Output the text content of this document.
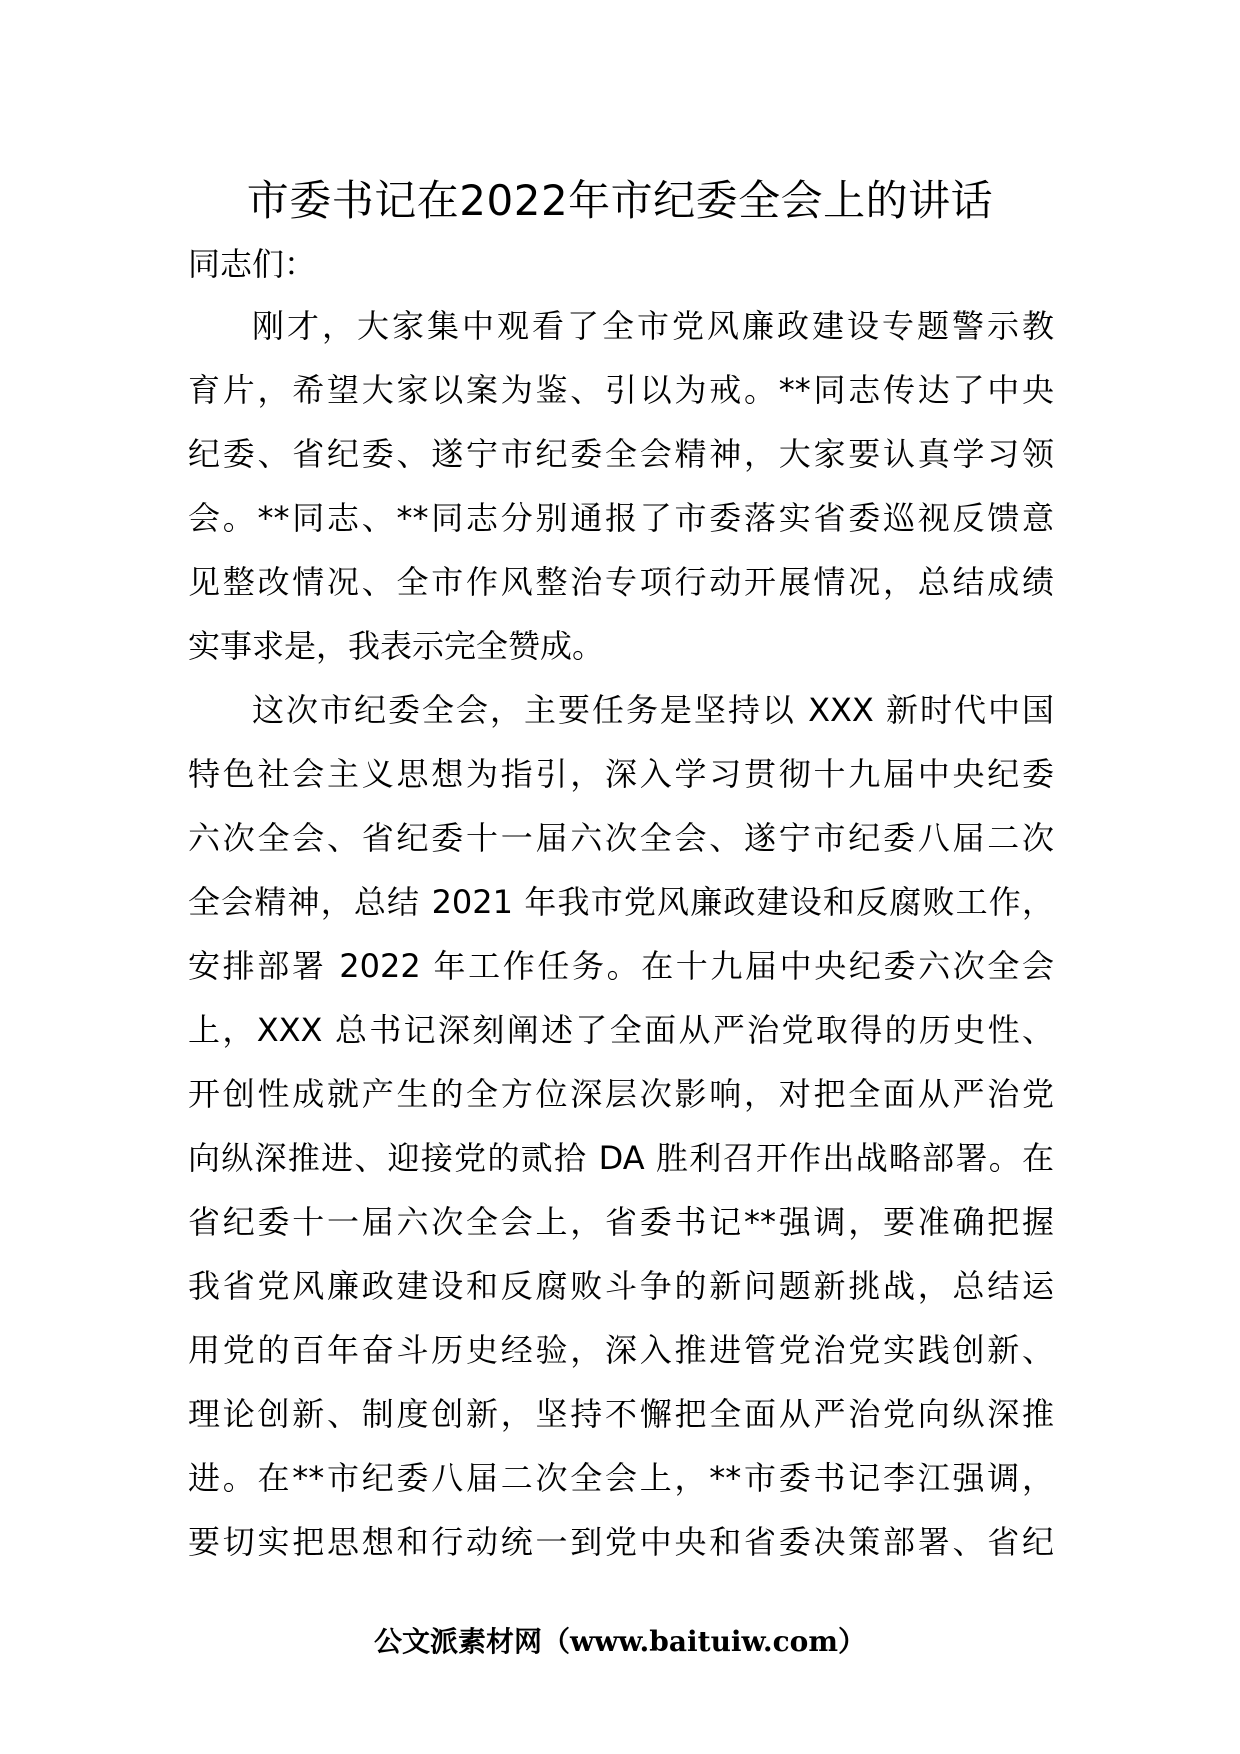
市委书记在2022年市纪委全会上的讲话

同志们：

刚才，大家集中观看了全市党风廉政建设专题警示教
育片，希望大家以案为鉴、引以为戒。**同志传达了中央
纪委、省纪委、遂宁市纪委全会精神，大家要认真学习领
会。**同志、**同志分别通报了市委落实省委巡视反馈意
见整改情况、全市作风整治专项行动开展情况，总结成绩
实事求是，我表示完全赞成。

这次市纪委全会，主要任务是坚持以 XXX 新时代中国
特色社会主义思想为指引，深入学习贯彻十九届中央纪委
六次全会、省纪委十一届六次全会、遂宁市纪委八届二次
全会精神，总结 2021 年我市党风廉政建设和反腐败工作，
安排部署 2022 年工作任务。在十九届中央纪委六次全会
上，XXX 总书记深刻阐述了全面从严治党取得的历史性、
开创性成就产生的全方位深层次影响，对把全面从严治党
向纵深推进、迎接党的贰拾 DA 胜利召开作出战略部署。在
省纪委十一届六次全会上，省委书记**强调，要准确把握
我省党风廉政建设和反腐败斗争的新问题新挑战，总结运
用党的百年奋斗历史经验，深入推进管党治党实践创新、
理论创新、制度创新，坚持不懈把全面从严治党向纵深推
进。在**市纪委八届二次全会上，**市委书记李江强调，
要切实把思想和行动统一到党中央和省委决策部署、省纪

公文派素材网（www.baituiw.com）
